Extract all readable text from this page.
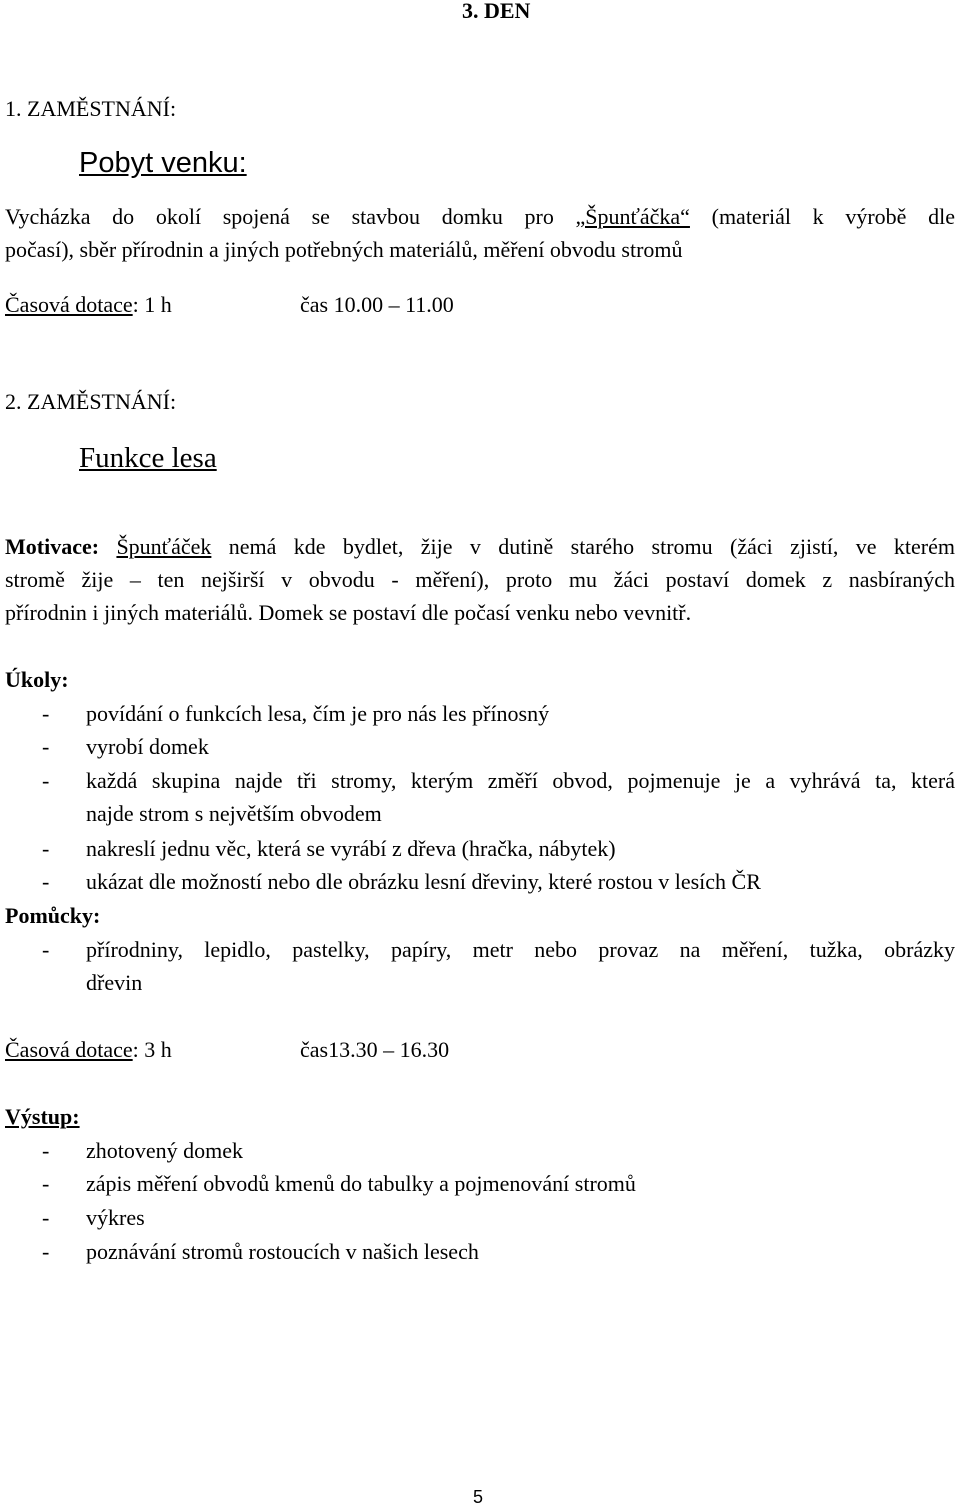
3. DEN
1. ZAMĚSTNÁNÍ:
Pobyt venku:
Vycházka do okolí spojená se stavbou domku pro „Špunťáčka“ (materiál k výrobě dle
počasí), sběr přírodnin a jiných potřebných materiálů, měření obvodu stromů
Časová dotace: 1 h	čas 10.00 – 11.00
2. ZAMĚSTNÁNÍ:
Funkce lesa
Motivace: Špunťáček nemá kde bydlet, žije v dutině starého stromu (žáci zjistí, ve kterém
stromě žije – ten nejširší v obvodu - měření), proto mu žáci postaví domek z nasbíraných
přírodnin i jiných materiálů. Domek se postaví dle počasí venku nebo vevnitř.
Úkoly:
- povídání o funkcích lesa, čím je pro nás les přínosný
- vyrobí domek
- každá skupina najde tři stromy, kterým změří obvod, pojmenuje je a vyhrává ta, která
najde strom s největším obvodem
- nakreslí jednu věc, která se vyrábí z dřeva (hračka, nábytek)
- ukázat dle možností nebo dle obrázku lesní dřeviny, které rostou v lesích ČR
Pomůcky:
- přírodniny, lepidlo, pastelky, papíry, metr nebo provaz na měření, tužka, obrázky
dřevin
Časová dotace: 3 h	čas13.30 – 16.30
Výstup:
- zhotovený domek
- zápis měření obvodů kmenů do tabulky a pojmenování stromů
- výkres
- poznávání stromů rostoucích v našich lesech
5
